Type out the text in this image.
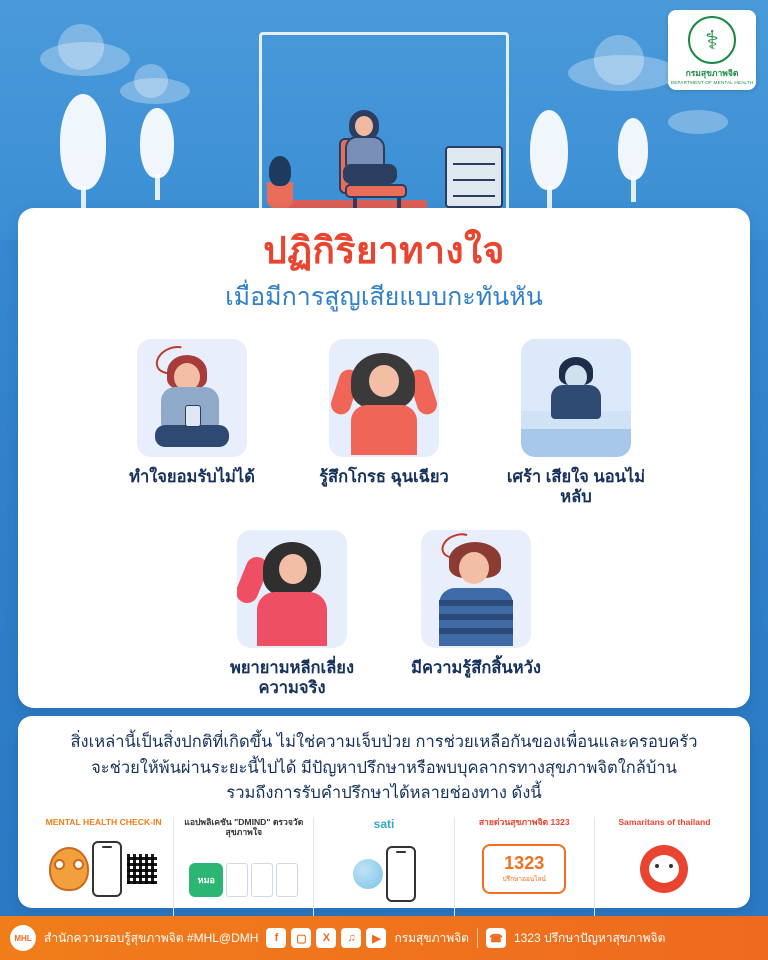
⚕
กรมสุขภาพจิต
DEPARTMENT OF MENTAL HEALTH
ปฏิกิริยาทางใจ
เมื่อมีการสูญเสียแบบกะทันหัน
ทำใจยอมรับไม่ได้	รู้สึกโกรธ ฉุนเฉียว	เศร้า เสียใจ นอนไม่หลับ
พยายามหลีกเลี่ยง
ความจริง
มีความรู้สึกสิ้นหวัง
สิ่งเหล่านี้เป็นสิ่งปกติที่เกิดขึ้น ไม่ใช่ความเจ็บป่วย การช่วยเหลือกันของเพื่อนและครอบครัว
จะช่วยให้พ้นผ่านระยะนี้ไปได้ มีปัญหาปรึกษาหรือพบบุคลากรทางสุขภาพจิตใกล้บ้าน
รวมถึงการรับคำปรึกษาได้หลายช่องทาง ดังนี้
MENTAL HEALTH CHECK-IN	แอปพลิเคชัน "DMIND" ตรวจวัดสุขภาพใจ
หมอ
sati	สายด่วนสุขภาพจิต 1323
1323
ปรึกษาออนไลน์
Samaritans of thailand
MHL	สำนักความรอบรู้สุขภาพจิต #MHL@DMH	f	▢	X	♫	▶	กรมสุขภาพจิต ☎ 1323 ปรึกษาปัญหาสุขภาพจิต
